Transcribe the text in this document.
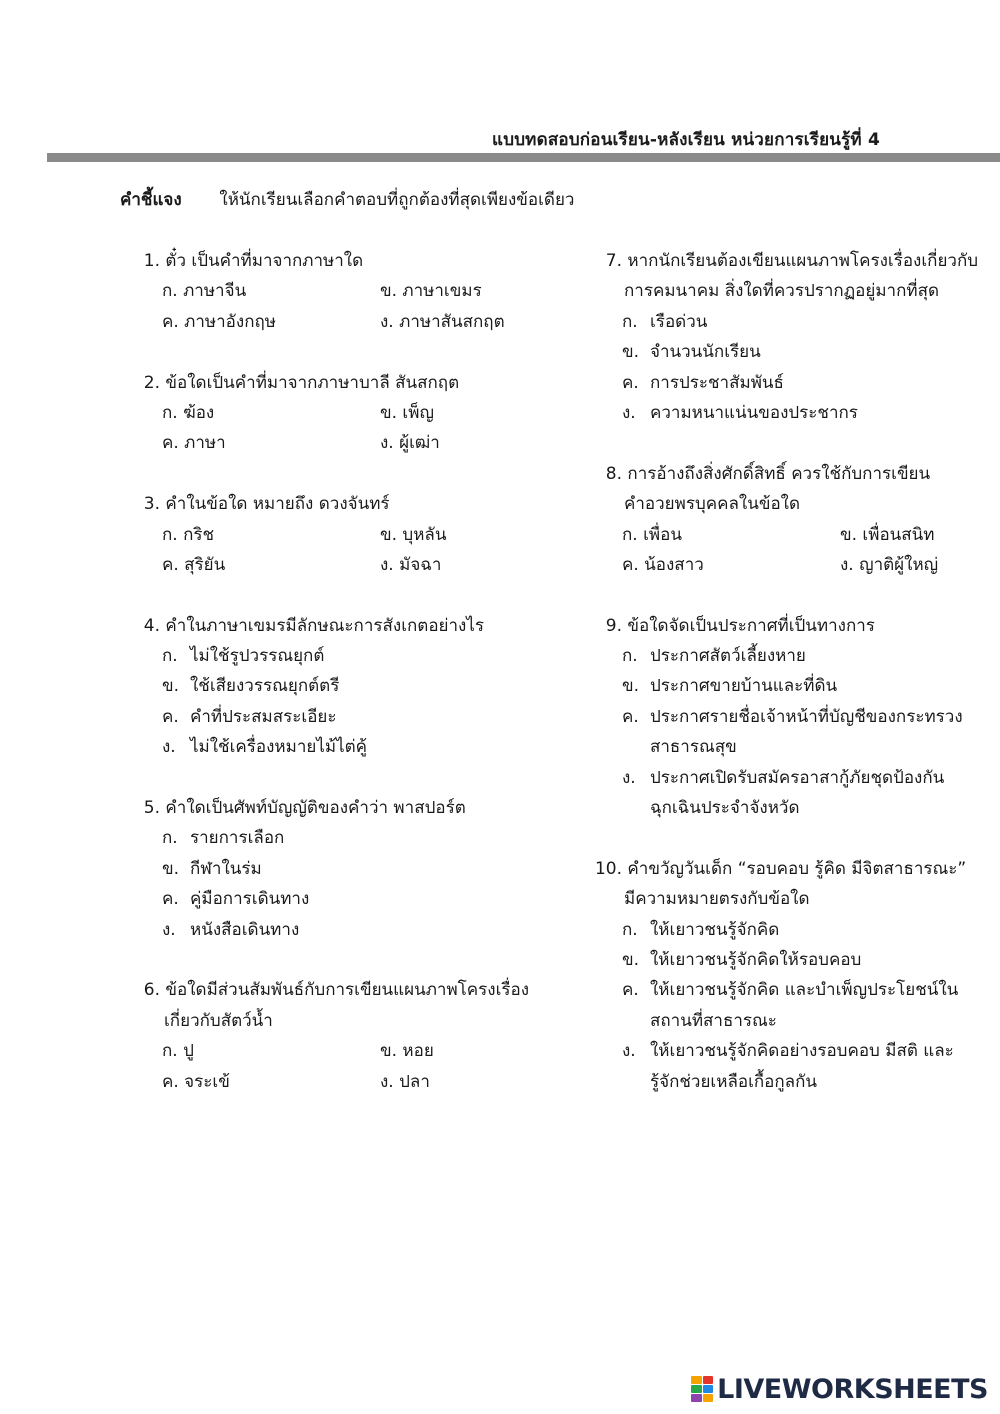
แบบทดสอบก่อนเรียน-หลังเรียน หน่วยการเรียนรู้ที่ 4
คำชี้แจง ให้นักเรียนเลือกคำตอบที่ถูกต้องที่สุดเพียงข้อเดียว
1. ตั๋ว เป็นคำที่มาจากภาษาใด
ก. ภาษาจีน	ข. ภาษาเขมร
ค. ภาษาอังกฤษ	ง. ภาษาสันสกฤต
2. ข้อใดเป็นคำที่มาจากภาษาบาลี สันสกฤต
ก. ฆ้อง	ข. เพ็ญ
ค. ภาษา	ง. ผู้เฒ่า
3. คำในข้อใด หมายถึง ดวงจันทร์
ก. กริช	ข. บุหลัน
ค. สุริยัน	ง. มัจฉา
4. คำในภาษาเขมรมีลักษณะการสังเกตอย่างไร
ก. ไม่ใช้รูปวรรณยุกต์
ข. ใช้เสียงวรรณยุกต์ตรี
ค. คำที่ประสมสระเอียะ
ง. ไม่ใช้เครื่องหมายไม้ไต่คู้
5. คำใดเป็นศัพท์บัญญัติของคำว่า พาสปอร์ต
ก. รายการเลือก
ข. กีฬาในร่ม
ค. คู่มือการเดินทาง
ง. หนังสือเดินทาง
6. ข้อใดมีส่วนสัมพันธ์กับการเขียนแผนภาพโครงเรื่อง
เกี่ยวกับสัตว์น้ำ
ก. ปู	ข. หอย
ค. จระเข้	ง. ปลา
7. หากนักเรียนต้องเขียนแผนภาพโครงเรื่องเกี่ยวกับ
การคมนาคม สิ่งใดที่ควรปรากฏอยู่มากที่สุด
ก. เรือด่วน
ข. จำนวนนักเรียน
ค. การประชาสัมพันธ์
ง. ความหนาแน่นของประชากร
8. การอ้างถึงสิ่งศักดิ์สิทธิ์ ควรใช้กับการเขียน
คำอวยพรบุคคลในข้อใด
ก. เพื่อน	ข. เพื่อนสนิท
ค. น้องสาว	ง. ญาติผู้ใหญ่
9. ข้อใดจัดเป็นประกาศที่เป็นทางการ
ก. ประกาศสัตว์เลี้ยงหาย
ข. ประกาศขายบ้านและที่ดิน
ค. ประกาศรายชื่อเจ้าหน้าที่บัญชีของกระทรวง
สาธารณสุข
ง. ประกาศเปิดรับสมัครอาสากู้ภัยชุดป้องกัน
ฉุกเฉินประจำจังหวัด
10. คำขวัญวันเด็ก “รอบคอบ รู้คิด มีจิตสาธารณะ”
มีความหมายตรงกับข้อใด
ก. ให้เยาวชนรู้จักคิด
ข. ให้เยาวชนรู้จักคิดให้รอบคอบ
ค. ให้เยาวชนรู้จักคิด และบำเพ็ญประโยชน์ใน
สถานที่สาธารณะ
ง. ให้เยาวชนรู้จักคิดอย่างรอบคอบ มีสติ และ
รู้จักช่วยเหลือเกื้อกูลกัน
LIVEWORKSHEETS
